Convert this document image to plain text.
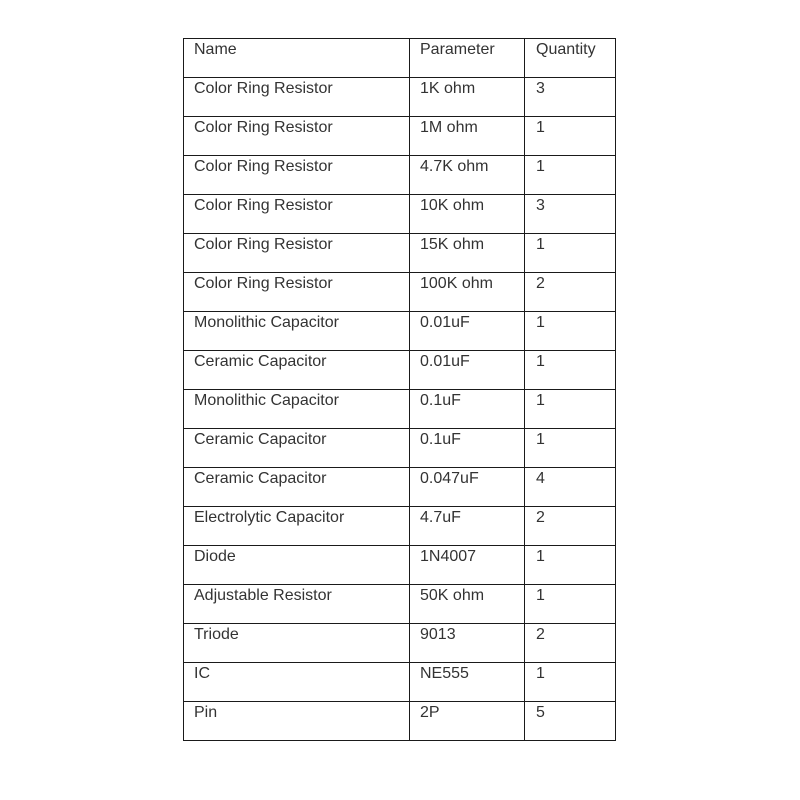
Name	Parameter	Quantity
Color Ring Resistor	1K ohm	3
Color Ring Resistor	1M ohm	1
Color Ring Resistor	4.7K ohm	1
Color Ring Resistor	10K ohm	3
Color Ring Resistor	15K ohm	1
Color Ring Resistor	100K ohm	2
Monolithic Capacitor	0.01uF	1
Ceramic Capacitor	0.01uF	1
Monolithic Capacitor	0.1uF	1
Ceramic Capacitor	0.1uF	1
Ceramic Capacitor	0.047uF	4
Electrolytic Capacitor	4.7uF	2
Diode	1N4007	1
Adjustable Resistor	50K ohm	1
Triode	9013	2
IC	NE555	1
Pin	2P	5
